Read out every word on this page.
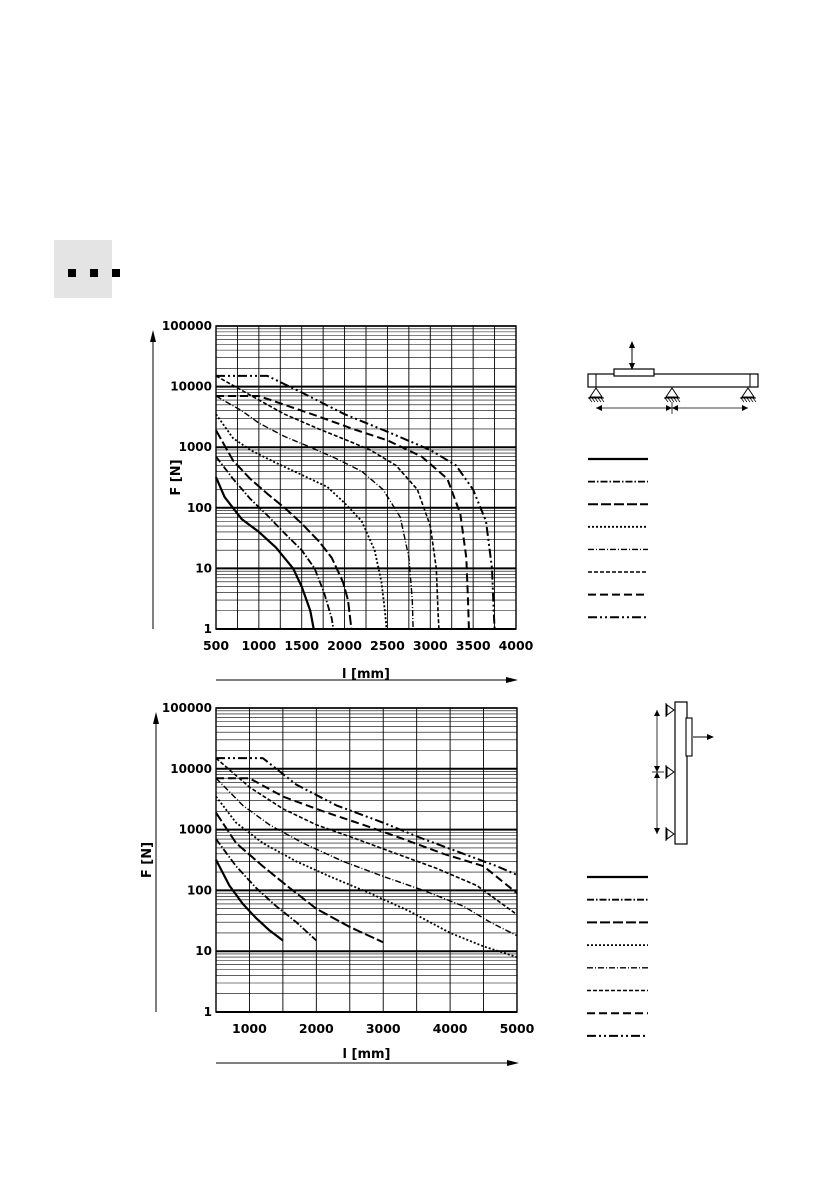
1
10
100
1000
10000
100000
500 1000 1500 2000 2500 3000 3500 4000
l [mm]
F [N]
1
10
100
1000
10000
100000
1000	2000	3000	4000	5000
l [mm]
F [N]
